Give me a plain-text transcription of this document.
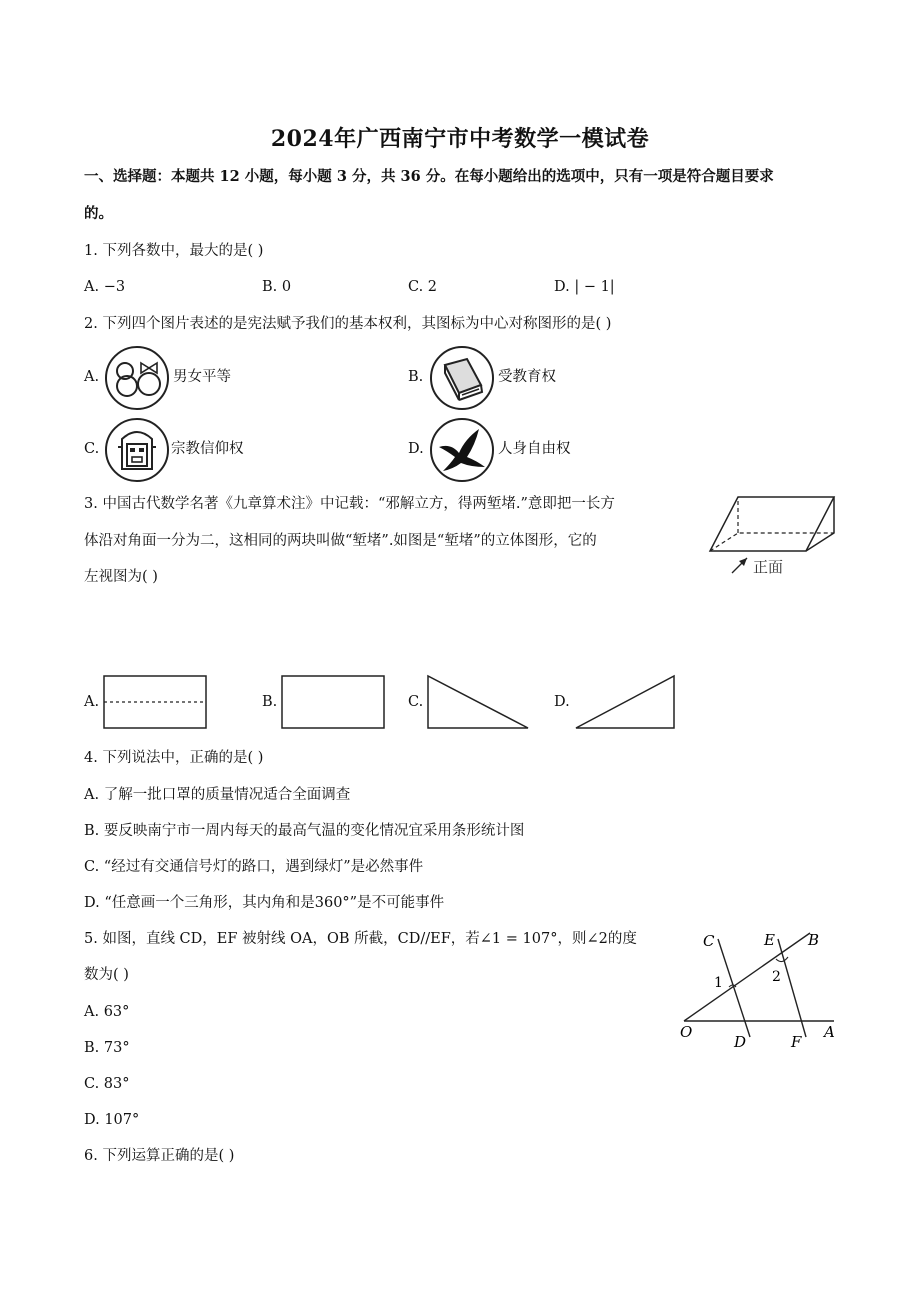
2024年广西南宁市中考数学一模试卷
一、选择题：本题共 12 小题，每小题 3 分，共 36 分。在每小题给出的选项中，只有一项是符合题目要求
的。
1. 下列各数中，最大的是( )
A. −3	B. 0	C. 2	D. | − 1|
2. 下列四个图片表述的是宪法赋予我们的基本权利，其图标为中心对称图形的是( )
A.	男女平等	B.	受教育权
C.	宗教信仰权	D.	人身自由权
3. 中国古代数学名著《九章算术注》中记载：“邪解立方，得两堑堵.”意即把一长方
体沿对角面一分为二，这相同的两块叫做“堑堵”.如图是“堑堵”的立体图形，它的
左视图为( )
正面
A.	B.	C.	D.
4. 下列说法中，正确的是( )
A. 了解一批口罩的质量情况适合全面调查
B. 要反映南宁市一周内每天的最高气温的变化情况宜采用条形统计图
C. “经过有交通信号灯的路口，遇到绿灯”是必然事件
D. “任意画一个三角形，其内角和是360°”是不可能事件
5. 如图，直线 CD，EF 被射线 OA，OB 所截，CD//EF，若∠1 = 107°，则∠2的度
数为( )
A. 63°
B. 73°
C. 83°
D. 107°
C	E B
O
D	F
A
1	2
6. 下列运算正确的是( )
